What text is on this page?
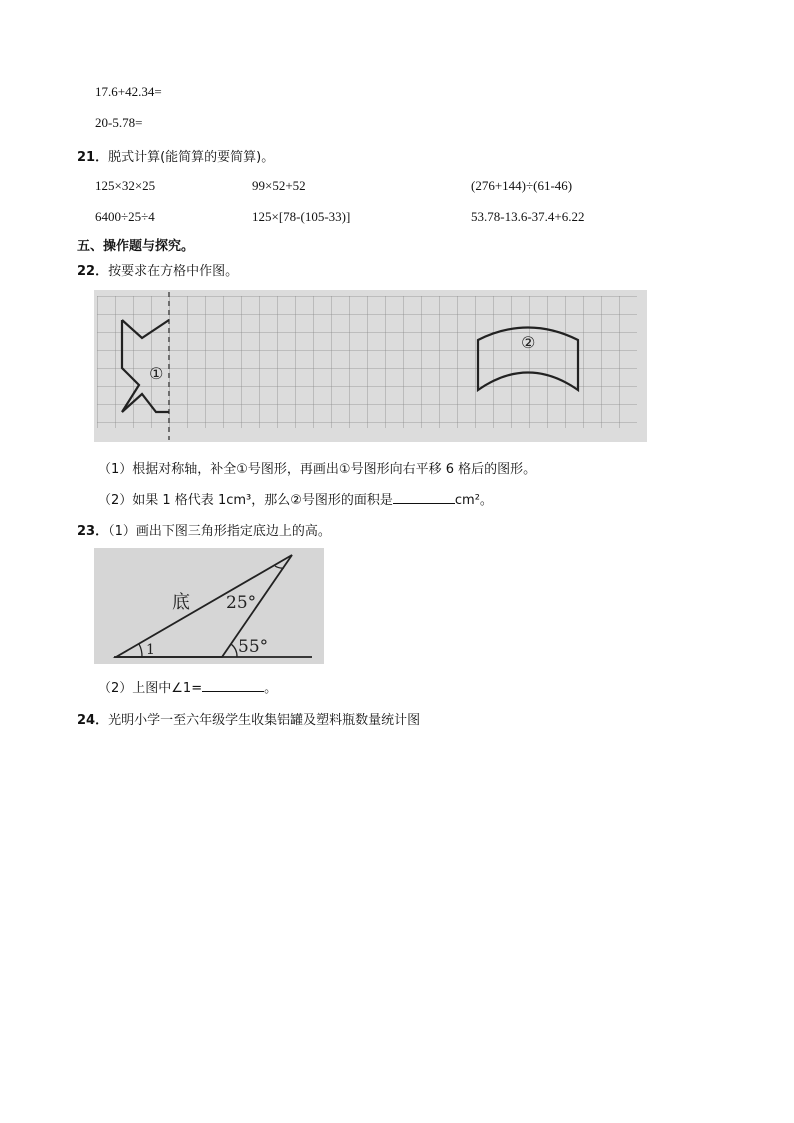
17.6+42.34=
20-5.78=
21．脱式计算(能简算的要简算)。
125×32×25	99×52+52	(276+144)÷(61-46)
6400÷25÷4	125×[78-(105-33)]	53.78-13.6-37.4+6.22
五、操作题与探究。
22．按要求在方格中作图。
①
②
（1）根据对称轴，补全①号图形，再画出①号图形向右平移 6 格后的图形。
（2）如果 1 格代表 1cm³，那么②号图形的面积是	cm²。
23．（1）画出下图三角形指定底边上的高。
底 25°
55°
1
（2）上图中∠1=	。
24．光明小学一至六年级学生收集铝罐及塑料瓶数量统计图
